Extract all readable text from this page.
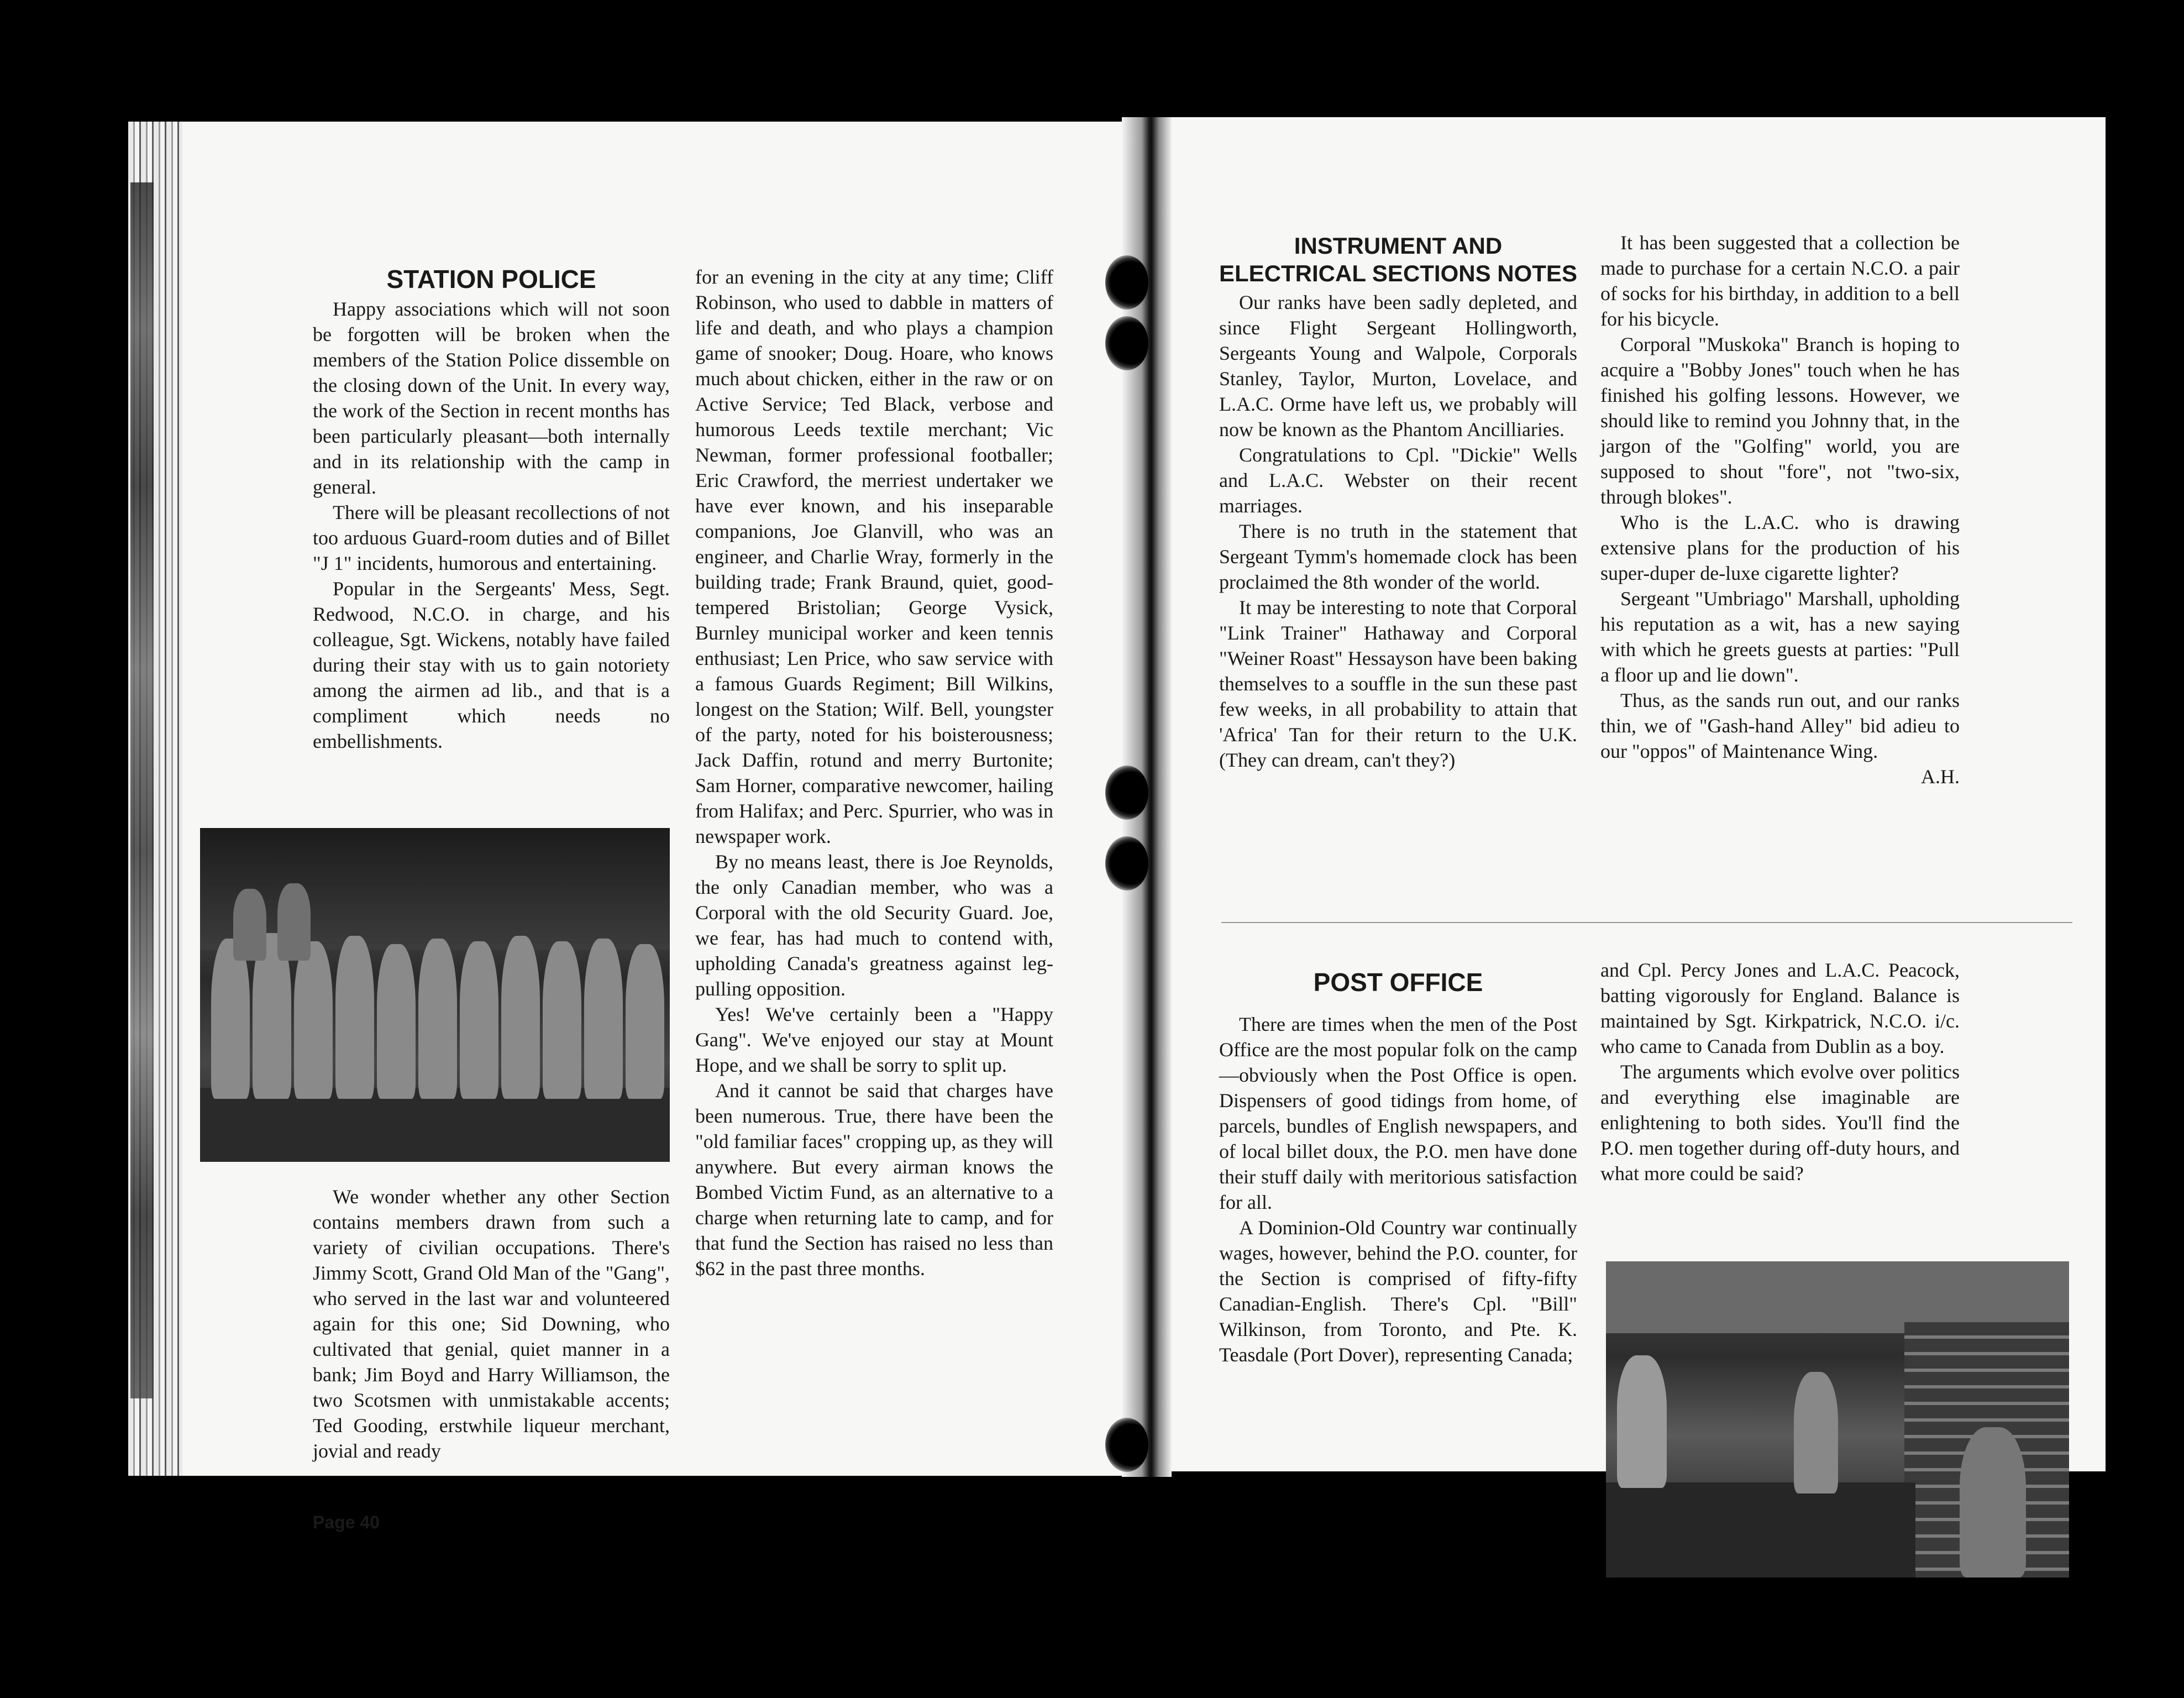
STATION POLICE

Happy associations which will not soon be forgotten will be broken when the members of the Station Police dissemble on the closing down of the Unit. In every way, the work of the Section in recent months has been particularly pleasant—both internally and in its relationship with the camp in general.

There will be pleasant recollections of not too arduous Guard-room duties and of Billet "J 1" incidents, humorous and entertaining.

Popular in the Sergeants' Mess, Segt. Redwood, N.C.O. in charge, and his colleague, Sgt. Wickens, notably have failed during their stay with us to gain notoriety among the airmen ad lib., and that is a compliment which needs no embellishments.

We wonder whether any other Section contains members drawn from such a variety of civilian occupations. There's Jimmy Scott, Grand Old Man of the "Gang", who served in the last war and volunteered again for this one; Sid Downing, who cultivated that genial, quiet manner in a bank; Jim Boyd and Harry Williamson, the two Scotsmen with unmistakable accents; Ted Gooding, erstwhile liqueur merchant, jovial and ready

for an evening in the city at any time; Cliff Robinson, who used to dabble in matters of life and death, and who plays a champion game of snooker; Doug. Hoare, who knows much about chicken, either in the raw or on Active Service; Ted Black, verbose and humorous Leeds textile merchant; Vic Newman, former professional footballer; Eric Crawford, the merriest undertaker we have ever known, and his inseparable companions, Joe Glanvill, who was an engineer, and Charlie Wray, formerly in the building trade; Frank Braund, quiet, good-tempered Bristolian; George Vysick, Burnley municipal worker and keen tennis enthusiast; Len Price, who saw service with a famous Guards Regiment; Bill Wilkins, longest on the Station; Wilf. Bell, youngster of the party, noted for his boisterousness; Jack Daffin, rotund and merry Burtonite; Sam Horner, comparative newcomer, hailing from Halifax; and Perc. Spurrier, who was in newspaper work.

By no means least, there is Joe Reynolds, the only Canadian member, who was a Corporal with the old Security Guard. Joe, we fear, has had much to contend with, upholding Canada's greatness against leg-pulling opposition.

Yes! We've certainly been a "Happy Gang". We've enjoyed our stay at Mount Hope, and we shall be sorry to split up.

And it cannot be said that charges have been numerous. True, there have been the "old familiar faces" cropping up, as they will anywhere. But every airman knows the Bombed Victim Fund, as an alternative to a charge when returning late to camp, and for that fund the Section has raised no less than $62 in the past three months.

Page 40
INSTRUMENT AND ELECTRICAL SECTIONS NOTES

Our ranks have been sadly depleted, and since Flight Sergeant Hollingworth, Sergeants Young and Walpole, Corporals Stanley, Taylor, Murton, Lovelace, and L.A.C. Orme have left us, we probably will now be known as the Phantom Ancilliaries.

Congratulations to Cpl. "Dickie" Wells and L.A.C. Webster on their recent marriages.

There is no truth in the statement that Sergeant Tymm's homemade clock has been proclaimed the 8th wonder of the world.

It may be interesting to note that Corporal "Link Trainer" Hathaway and Corporal "Weiner Roast" Hessayson have been baking themselves to a souffle in the sun these past few weeks, in all probability to attain that 'Africa' Tan for their return to the U.K. (They can dream, can't they?)

It has been suggested that a collection be made to purchase for a certain N.C.O. a pair of socks for his birthday, in addition to a bell for his bicycle.

Corporal "Muskoka" Branch is hoping to acquire a "Bobby Jones" touch when he has finished his golfing lessons. However, we should like to remind you Johnny that, in the jargon of the "Golfing" world, you are supposed to shout "fore", not "two-six, through blokes".

Who is the L.A.C. who is drawing extensive plans for the production of his super-duper de-luxe cigarette lighter?

Sergeant "Umbriago" Marshall, upholding his reputation as a wit, has a new saying with which he greets guests at parties: "Pull a floor up and lie down".

Thus, as the sands run out, and our ranks thin, we of "Gash-hand Alley" bid adieu to our "oppos" of Maintenance Wing.

A.H.
POST OFFICE

There are times when the men of the Post Office are the most popular folk on the camp—obviously when the Post Office is open. Dispensers of good tidings from home, of parcels, bundles of English newspapers, and of local billet doux, the P.O. men have done their stuff daily with meritorious satisfaction for all.

A Dominion-Old Country war continually wages, however, behind the P.O. counter, for the Section is comprised of fifty-fifty Canadian-English. There's Cpl. "Bill" Wilkinson, from Toronto, and Pte. K. Teasdale (Port Dover), representing Canada;

and Cpl. Percy Jones and L.A.C. Peacock, batting vigorously for England. Balance is maintained by Sgt. Kirkpatrick, N.C.O. i/c. who came to Canada from Dublin as a boy.

The arguments which evolve over politics and everything else imaginable are enlightening to both sides. You'll find the P.O. men together during off-duty hours, and what more could be said?
